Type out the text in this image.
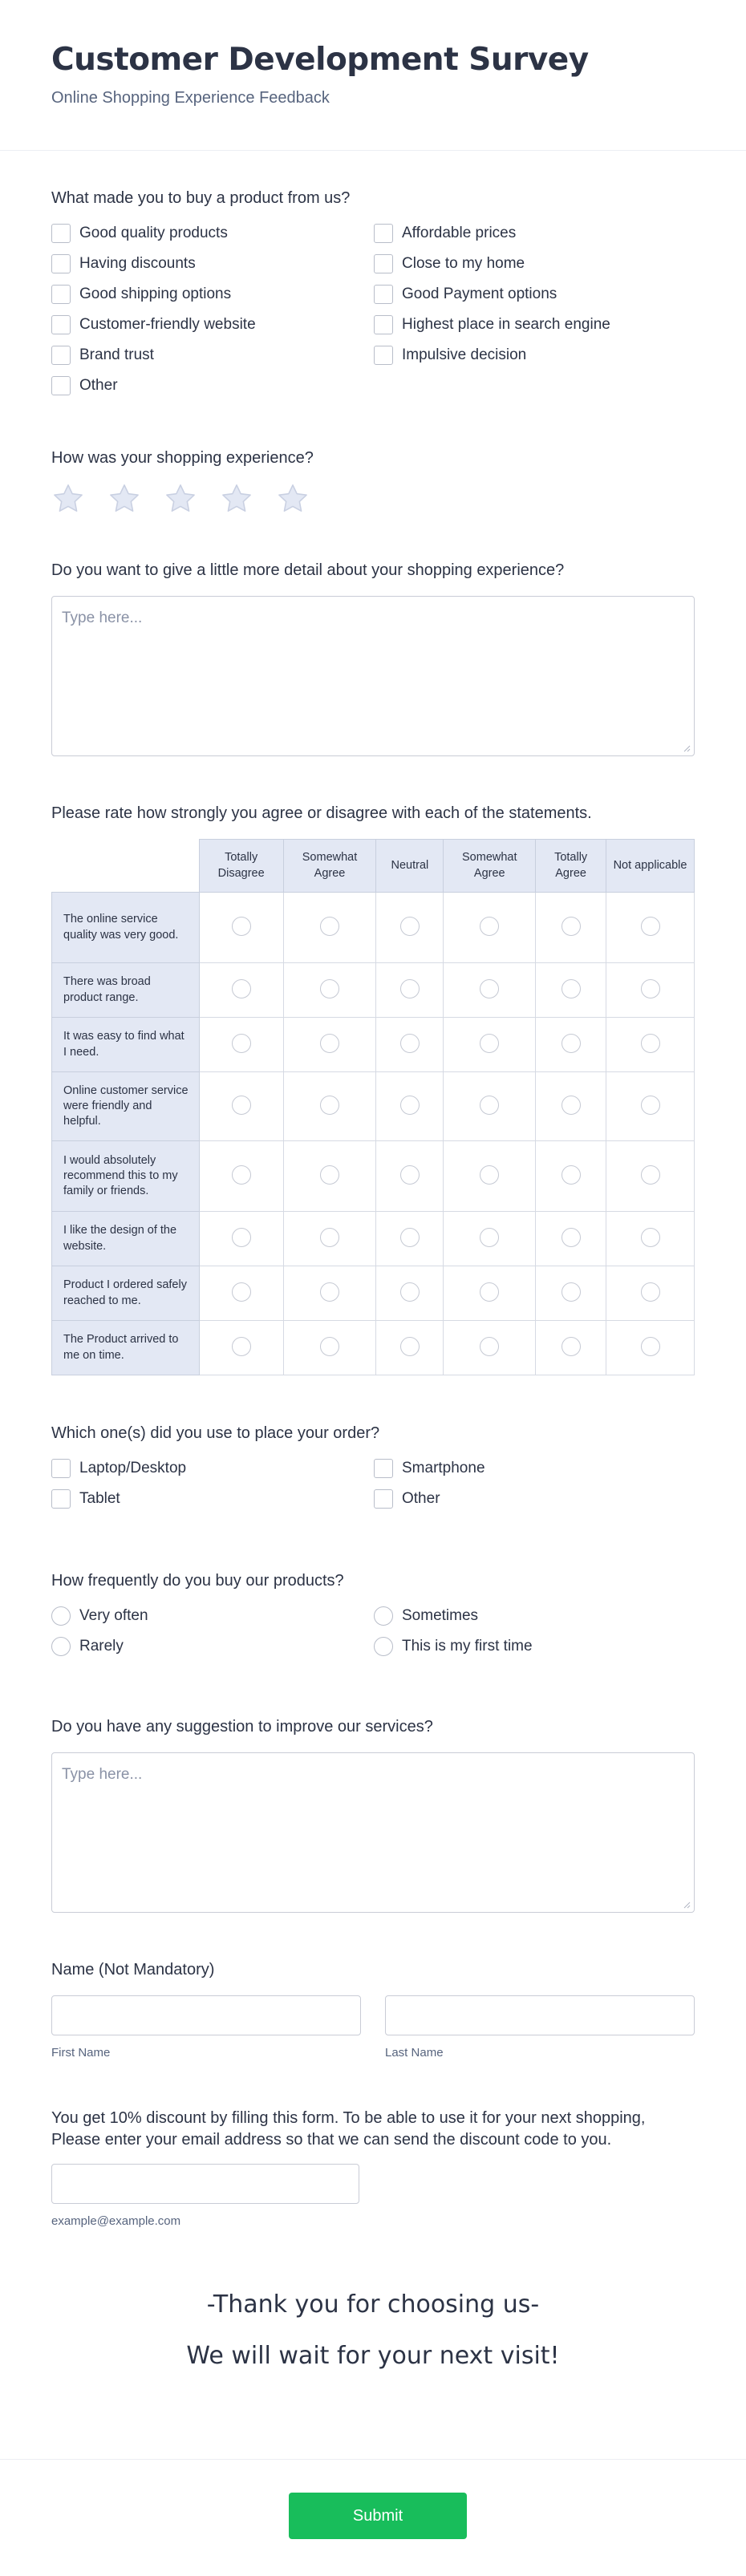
Customer Development Survey
Online Shopping Experience Feedback
What made you to buy a product from us?
Good quality products	Affordable prices
Having discounts	Close to my home
Good shipping options	Good Payment options
Customer-friendly website	Highest place in search engine
Brand trust	Impulsive decision
Other
How was your shopping experience?
Do you want to give a little more detail about your shopping experience?
Type here...
Please rate how strongly you agree or disagree with each of the statements.
	Totally Disagree	Somewhat Agree	Neutral	Somewhat Agree	Totally Agree	Not applicable
The online service quality was very good.						
There was broad product range.						
It was easy to find what I need.						
Online customer service were friendly and helpful.						
I would absolutely recommend this to my family or friends.						
I like the design of the website.						
Product I ordered safely reached to me.						
The Product arrived to me on time.						
Which one(s) did you use to place your order?
Laptop/Desktop	Smartphone
Tablet	Other
How frequently do you buy our products?
Very often	Sometimes
Rarely	This is my first time
Do you have any suggestion to improve our services?
Type here...
Name (Not Mandatory)
First Name	Last Name
You get 10% discount by filling this form. To be able to use it for your next shopping,
Please enter your email address so that we can send the discount code to you.
example@example.com
-Thank you for choosing us-
We will wait for your next visit!
Submit
